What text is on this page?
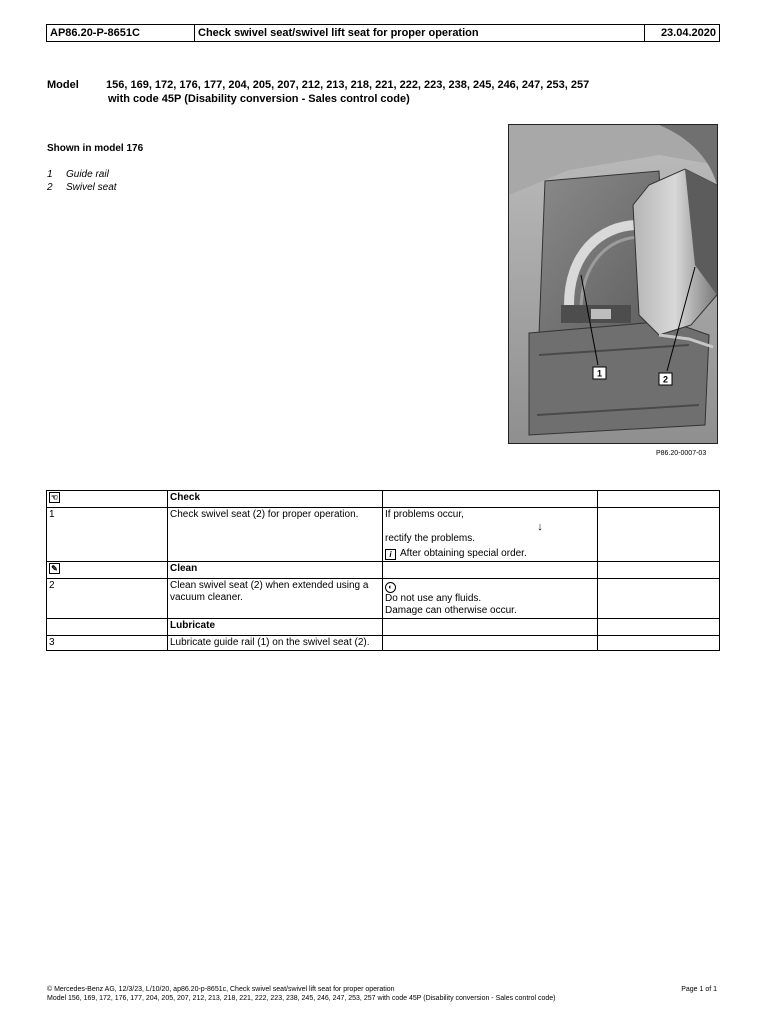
AP86.20-P-8651C	Check swivel seat/swivel lift seat for proper operation	23.04.2020
Model 156, 169, 172, 176, 177, 204, 205, 207, 212, 213, 218, 221, 222, 223, 238, 245, 246, 247, 253, 257
with code 45P (Disability conversion - Sales control code)
Shown in model 176
1 Guide rail
2 Swivel seat
1
2
P86.20-0007-03
☜	Check		
1	Check swivel seat (2) for proper operation.	If problems occur,
↓
rectify the problems.
i After obtaining special order.	

✎	Clean		
2	Clean swivel seat (2) when extended using a vacuum cleaner.	◐
Do not use any fluids.
Damage can otherwise occur.	

	Lubricate		
3	Lubricate guide rail (1) on the swivel seat (2).		
© Mercedes-Benz AG, 12/3/23, L/10/20, ap86.20-p-8651c, Check swivel seat/swivel lift seat for proper operation
Model 156, 169, 172, 176, 177, 204, 205, 207, 212, 213, 218, 221, 222, 223, 238, 245, 246, 247, 253, 257 with code 45P (Disability conversion - Sales control code)
Page 1 of 1
